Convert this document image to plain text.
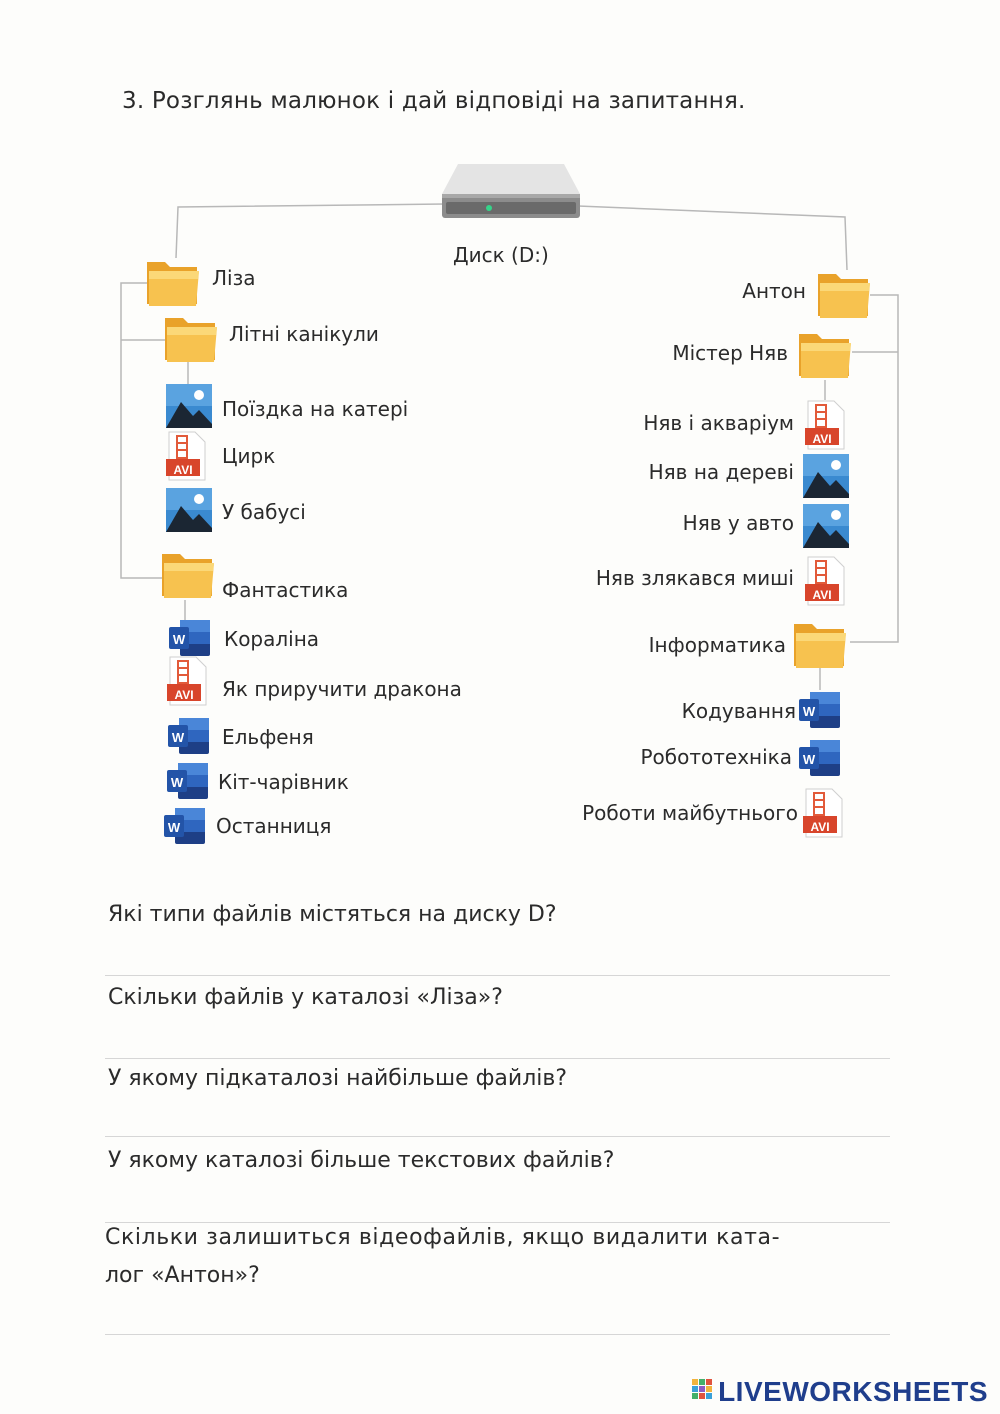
3. Розглянь малюнок і дай відповіді на запитання.
Диск (D:)
Ліза
Літні канікули
Поїздка на катері
AVI
Цирк
У бабусі
Фантастика
W Кораліна
AVI Як приручити дракона
W Ельфеня
W Кіт-чарівник
W Останниця
Антон
Містер Няв
AVI
Няв і акваріум
Няв на дереві
Няв у авто
AVI
Няв злякався миші
Інформатика
W
Кодування
W
Робототехніка
AVI
Роботи майбутнього
Які типи файлів містяться на диску D?
Скільки файлів у каталозі «Ліза»?
У якому підкаталозі найбільше файлів?
У якому каталозі більше текстових файлів?
Скільки залишиться відеофайлів, якщо видалити ката-
лог «Антон»?
LIVEWORKSHEETS
